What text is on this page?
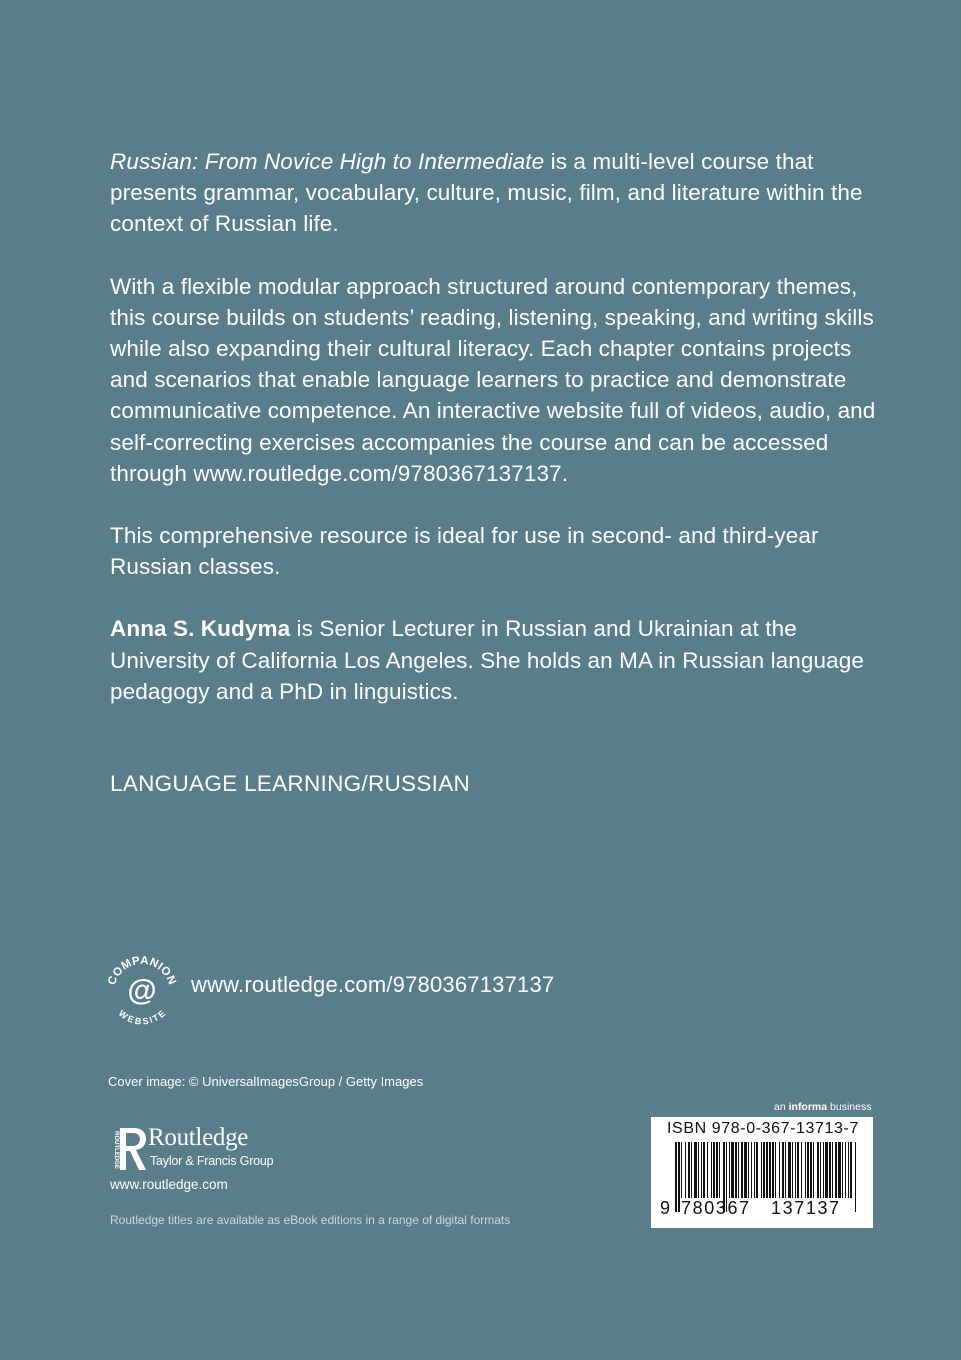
Russian: From Novice High to Intermediate is a multi-level course that presents grammar, vocabulary, culture, music, film, and literature within the context of Russian life.

With a flexible modular approach structured around contemporary themes, this course builds on students’ reading, listening, speaking, and writing skills while also expanding their cultural literacy. Each chapter contains projects and scenarios that enable language learners to practice and demonstrate communicative competence. An interactive website full of videos, audio, and self-correcting exercises accompanies the course and can be accessed through www.routledge.com/9780367137137.

This comprehensive resource is ideal for use in second- and third-year Russian classes.

Anna S. Kudyma is Senior Lecturer in Russian and Ukrainian at the University of California Los Angeles. She holds an MA in Russian language pedagogy and a PhD in linguistics.

LANGUAGE LEARNING/RUSSIAN
COMPANION
WEBSITE
@ www.routledge.com/9780367137137
Cover image: © UniversalImagesGroup / Getty Images
ROUTLEDGE Routledge
Taylor & Francis Group
www.routledge.com
Routledge titles are available as eBook editions in a range of digital formats
an informa business
ISBN 978-0-367-13713-7
9 780367 137137
